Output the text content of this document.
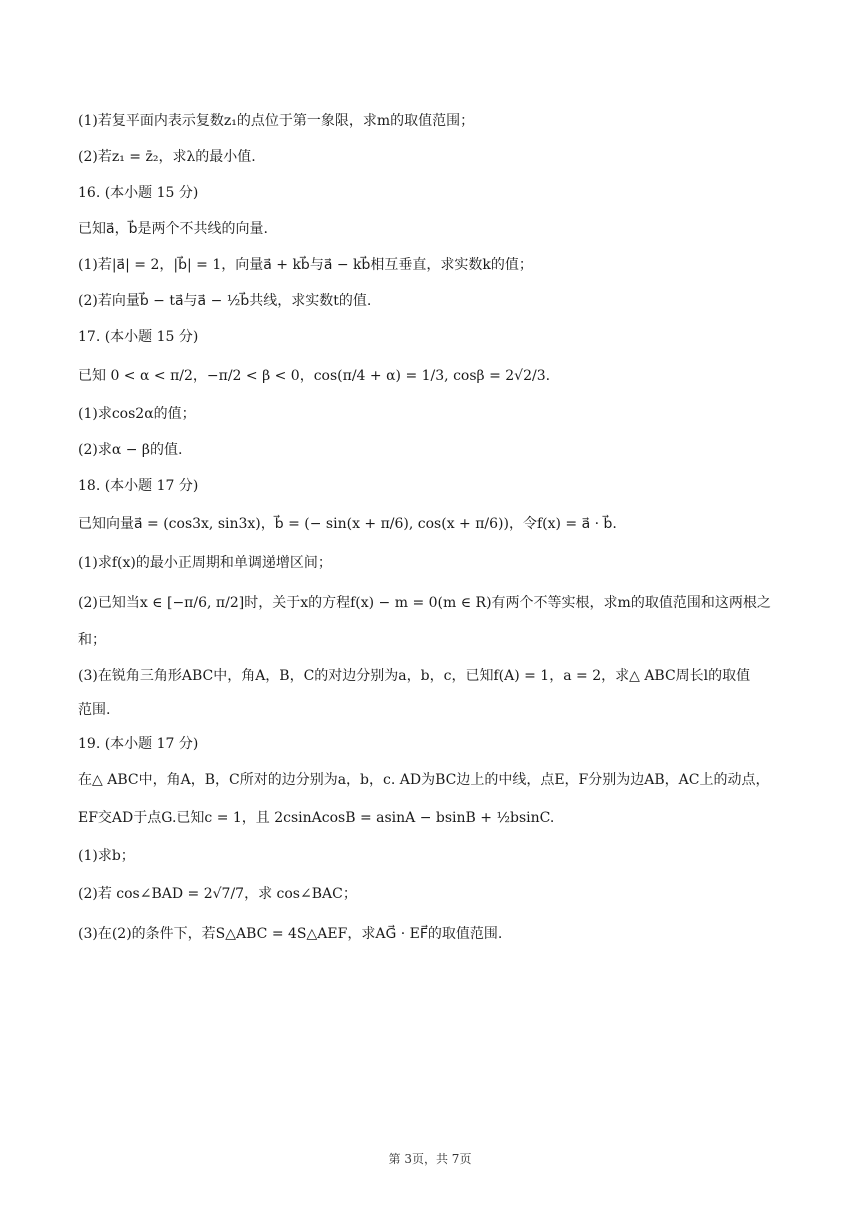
(1)若复平面内表示复数z₁的点位于第一象限，求m的取值范围；
(2)若z₁ = z̄₂，求λ的最小值.
16. (本小题 15 分)
已知a⃗，b⃗是两个不共线的向量.
(1)若|a⃗| = 2，|b⃗| = 1，向量a⃗ + kb⃗与a⃗ − kb⃗相互垂直，求实数k的值；
(2)若向量b⃗ − ta⃗与a⃗ − ½b⃗共线，求实数t的值.
17. (本小题 15 分)
已知 0 < α < π/2，−π/2 < β < 0，cos(π/4 + α) = 1/3, cosβ = 2√2/3.
(1)求cos2α的值；
(2)求α − β的值.
18. (本小题 17 分)
已知向量a⃗ = (cos3x, sin3x)，b⃗ = (− sin(x + π/6), cos(x + π/6))，令f(x) = a⃗ · b⃗.
(1)求f(x)的最小正周期和单调递增区间；
(2)已知当x ∈ [−π/6, π/2]时，关于x的方程f(x) − m = 0(m ∈ R)有两个不等实根，求m的取值范围和这两根之
和；
(3)在锐角三角形ABC中，角A，B，C的对边分别为a，b，c，已知f(A) = 1，a = 2，求△ ABC周长l的取值
范围.
19. (本小题 17 分)
在△ ABC中，角A，B，C所对的边分别为a，b，c. AD为BC边上的中线，点E，F分别为边AB，AC上的动点，
EF交AD于点G.已知c = 1，且 2csinAcosB = asinA − bsinB + ½bsinC.
(1)求b；
(2)若 cos∠BAD = 2√7/7，求 cos∠BAC；
(3)在(2)的条件下，若S△ABC = 4S△AEF，求AG⃗ · EF⃗的取值范围.
第 3页，共 7页
